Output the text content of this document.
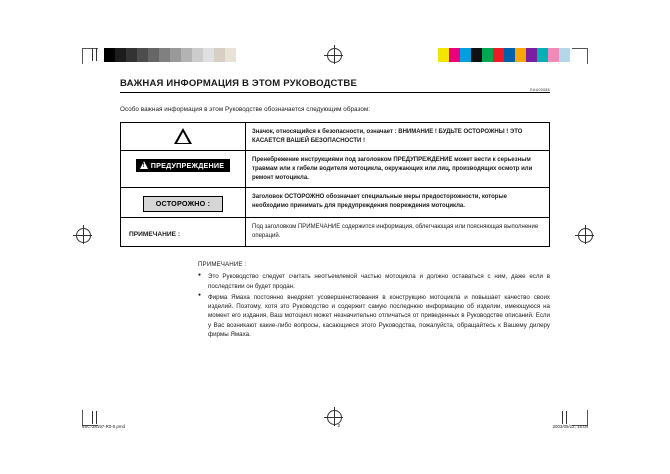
ВАЖНАЯ ИНФОРМАЦИЯ В ЭТОМ РУКОВОДСТВЕ
EAU00085

Особо важная информация в этом Руководстве обозначается следующим образом:

!	Значок, относящийся к безопасности, означает : ВНИМАНИЕ ! БУДЬТЕ ОСТОРОЖНЫ ! ЭТО КАСАЕТСЯ ВАШЕЙ БЕЗОПАСНОСТИ !

!
ПРЕДУПРЕЖДЕНИЕ	Пренебрежение инструкциями под заголовком ПРЕДУПРЕЖДЕНИЕ может вести к серьезным травмам или к гибели водителя мотоцикла, окружающих или лиц, производящих осмотр или ремонт мотоцикла.
ОСТОРОЖНО :	Заголовок ОСТОРОЖНО обозначает специальные меры предосторожности, которые необходимо принимать для предупреждения повреждения мотоцикла.
ПРИМЕЧАНИЕ :	Под заголовком ПРИМЕЧАНИЕ содержится информация, облегчающая или поясняющая выполнение операций.

ПРИМЕЧАНИЕ :

● Это Руководство следует считать неотъемлемой частью мотоцикла и должно оставаться с ним, даже если в последствии он будет продан.
● Фирма Ямаха постоянно внедряет усовершенствования в конструкцию мотоцикла и повышает качество своих изделий. Поэтому, хотя это Руководство и содержит самую последнюю информацию об изделии, имеющуюся на момент его издания, Ваш мотоцикл может незначительно отличаться от приведенных в Руководстве описаний. Если у Вас возникают какие-либо вопросы, касающиеся этого Руководства, пожалуйста, обращайтесь к Вашему дилеру фирмы Ямаха.
5SC-28197-R0-0.pmd	2	2003/05/22, 15:04
